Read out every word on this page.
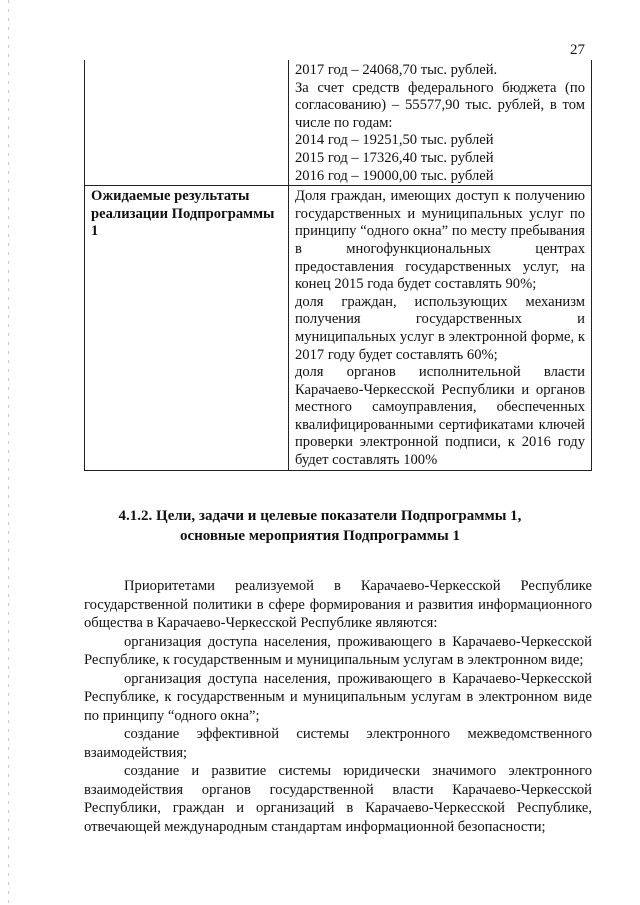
27

	2017 год – 24068,70 тыс. рублей.
За счет средств федерального бюджета (по согласованию) – 55577,90 тыс. рублей, в том числе по годам:
2014 год – 19251,50 тыс. рублей
2015 год – 17326,40 тыс. рублей
2016 год – 19000,00 тыс. рублей

Ожидаемые результаты реализации Подпрограммы 1	Доля граждан, имеющих доступ к получению государственных и муниципальных услуг по принципу “одного окна” по месту пребывания в многофункциональных центрах предоставления государственных услуг, на конец 2015 года будет составлять 90%;
доля граждан, использующих механизм получения государственных и муниципальных услуг в электронной форме, к 2017 году будет составлять 60%;
доля органов исполнительной власти Карачаево-Черкесской Республики и органов местного самоуправления, обеспеченных квалифицированными сертификатами ключей проверки электронной подписи, к 2016 году будет составлять 100%
4.1.2. Цели, задачи и целевые показатели Подпрограммы 1,
основные мероприятия Подпрограммы 1

Приоритетами реализуемой в Карачаево-Черкесской Республике государственной политики в сфере формирования и развития информационного общества в Карачаево-Черкесской Республике являются:

организация доступа населения, проживающего в Карачаево-Черкесской Республике, к государственным и муниципальным услугам в электронном виде;

организация доступа населения, проживающего в Карачаево-Черкесской Республике, к государственным и муниципальным услугам в электронном виде по принципу “одного окна”;

создание эффективной системы электронного межведомственного взаимодействия;

создание и развитие системы юридически значимого электронного взаимодействия органов государственной власти Карачаево-Черкесской Республики, граждан и организаций в Карачаево-Черкесской Республике, отвечающей международным стандартам информационной безопасности;
